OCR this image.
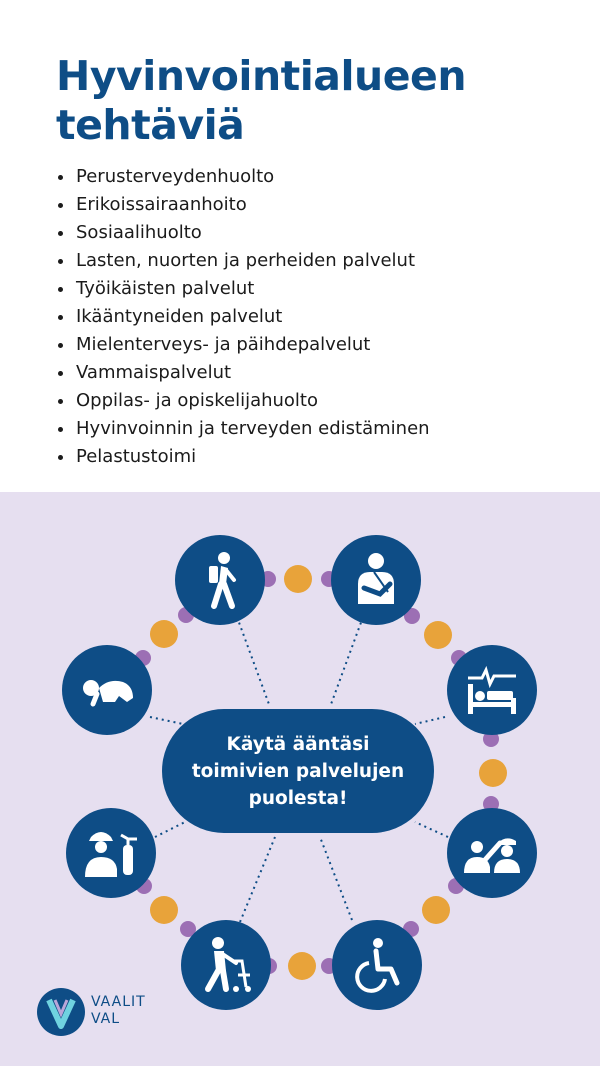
Hyvinvointialueen
tehtäviä
Perusterveydenhuolto
Erikoissairaanhoito
Sosiaalihuolto
Lasten, nuorten ja perheiden palvelut
Työikäisten palvelut
Ikääntyneiden palvelut
Mielenterveys- ja päihdepalvelut
Vammaispalvelut
Oppilas- ja opiskelijahuolto
Hyvinvoinnin ja terveyden edistäminen
Pelastustoimi
Käytä ääntäsi
toimivien palvelujen
puolesta!
VAALIT
VAL
